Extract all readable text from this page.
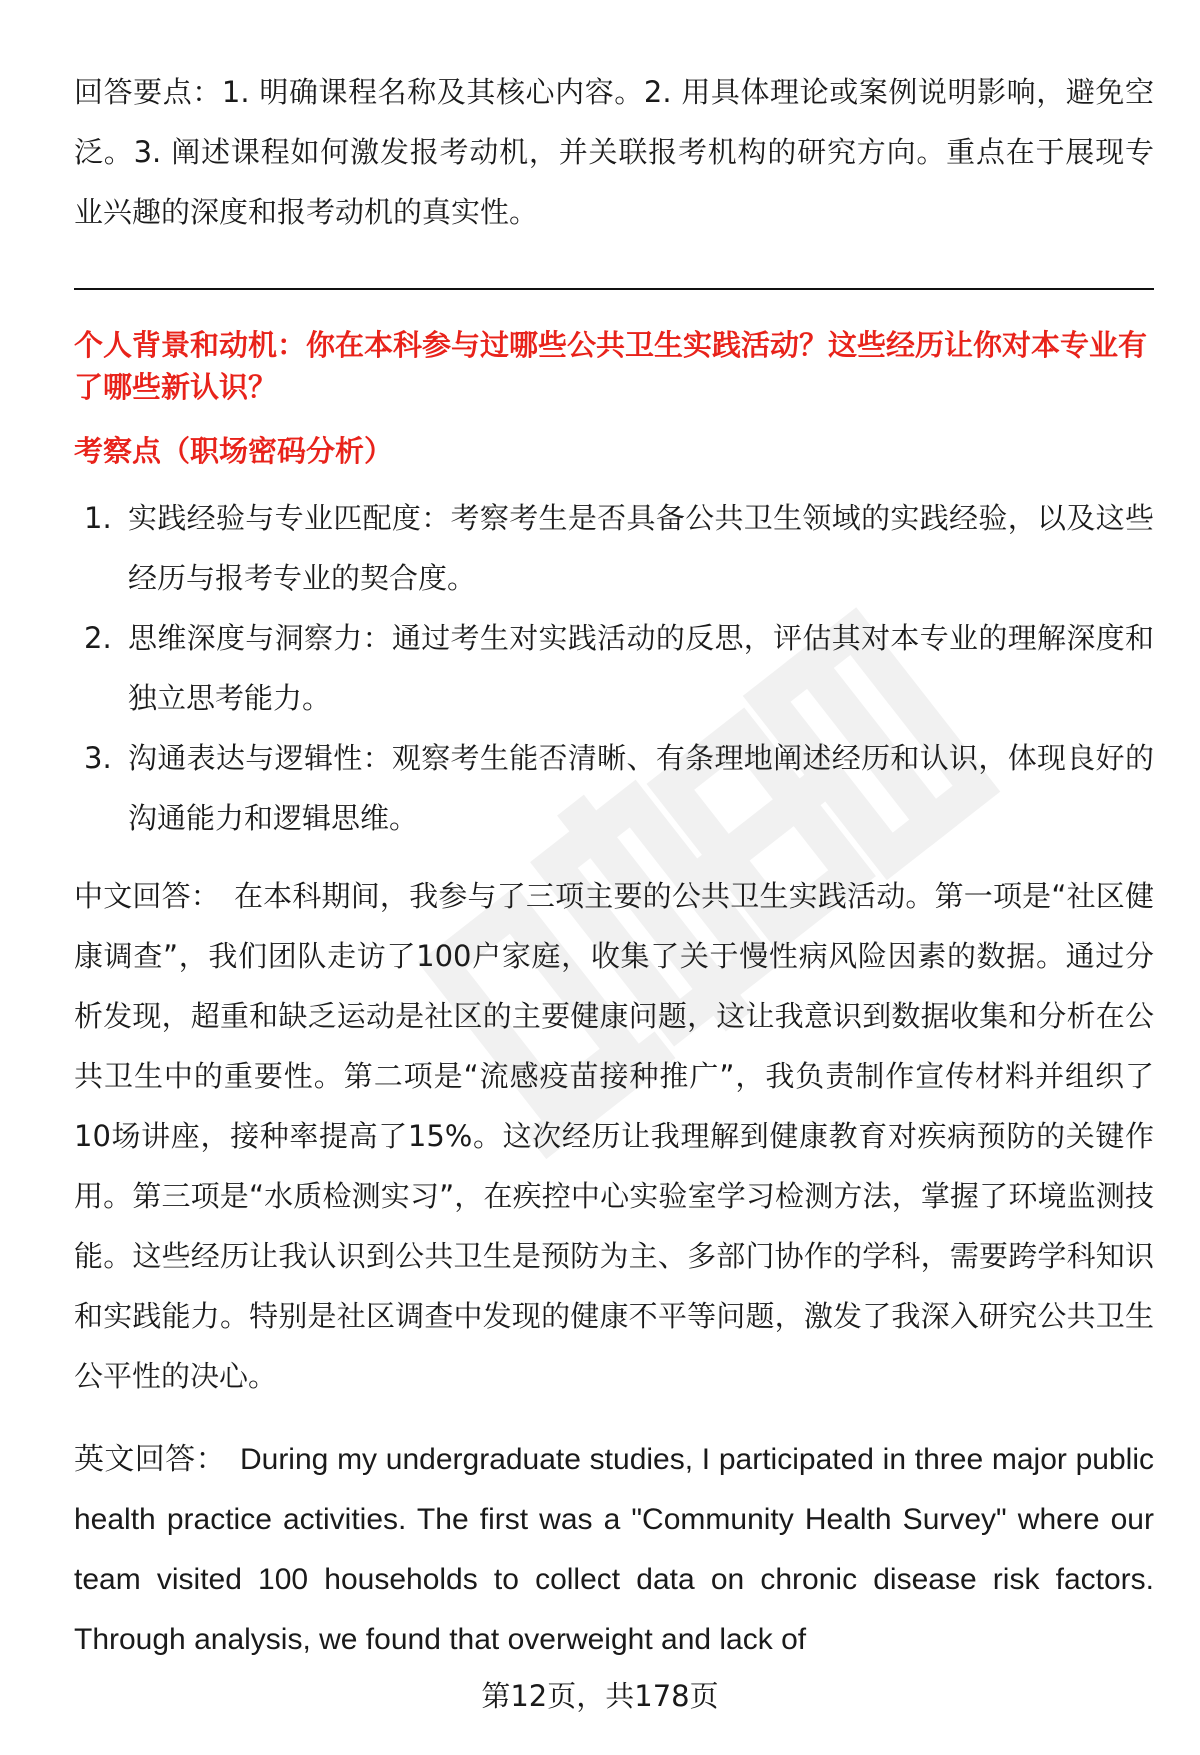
回答要点：1. 明确课程名称及其核心内容。2. 用具体理论或案例说明影响，避免空泛。3. 阐述课程如何激发报考动机，并关联报考机构的研究方向。重点在于展现专业兴趣的深度和报考动机的真实性。

个人背景和动机：你在本科参与过哪些公共卫生实践活动？这些经历让你对本专业有了哪些新认识？

考察点（职场密码分析）

1. 实践经验与专业匹配度：考察考生是否具备公共卫生领域的实践经验，以及这些经历与报考专业的契合度。
2. 思维深度与洞察力：通过考生对实践活动的反思，评估其对本专业的理解深度和独立思考能力。
3. 沟通表达与逻辑性：观察考生能否清晰、有条理地阐述经历和认识，体现良好的沟通能力和逻辑思维。

中文回答： 在本科期间，我参与了三项主要的公共卫生实践活动。第一项是“社区健康调查”，我们团队走访了100户家庭，收集了关于慢性病风险因素的数据。通过分析发现，超重和缺乏运动是社区的主要健康问题，这让我意识到数据收集和分析在公共卫生中的重要性。第二项是“流感疫苗接种推广”，我负责制作宣传材料并组织了10场讲座，接种率提高了15%。这次经历让我理解到健康教育对疾病预防的关键作用。第三项是“水质检测实习”，在疾控中心实验室学习检测方法，掌握了环境监测技能。这些经历让我认识到公共卫生是预防为主、多部门协作的学科，需要跨学科知识和实践能力。特别是社区调查中发现的健康不平等问题，激发了我深入研究公共卫生公平性的决心。

英文回答： During my undergraduate studies, I participated in three major public health practice activities. The first was a "Community Health Survey" where our team visited 100 households to collect data on chronic disease risk factors. Through analysis, we found that overweight and lack of

第12页，共178页
